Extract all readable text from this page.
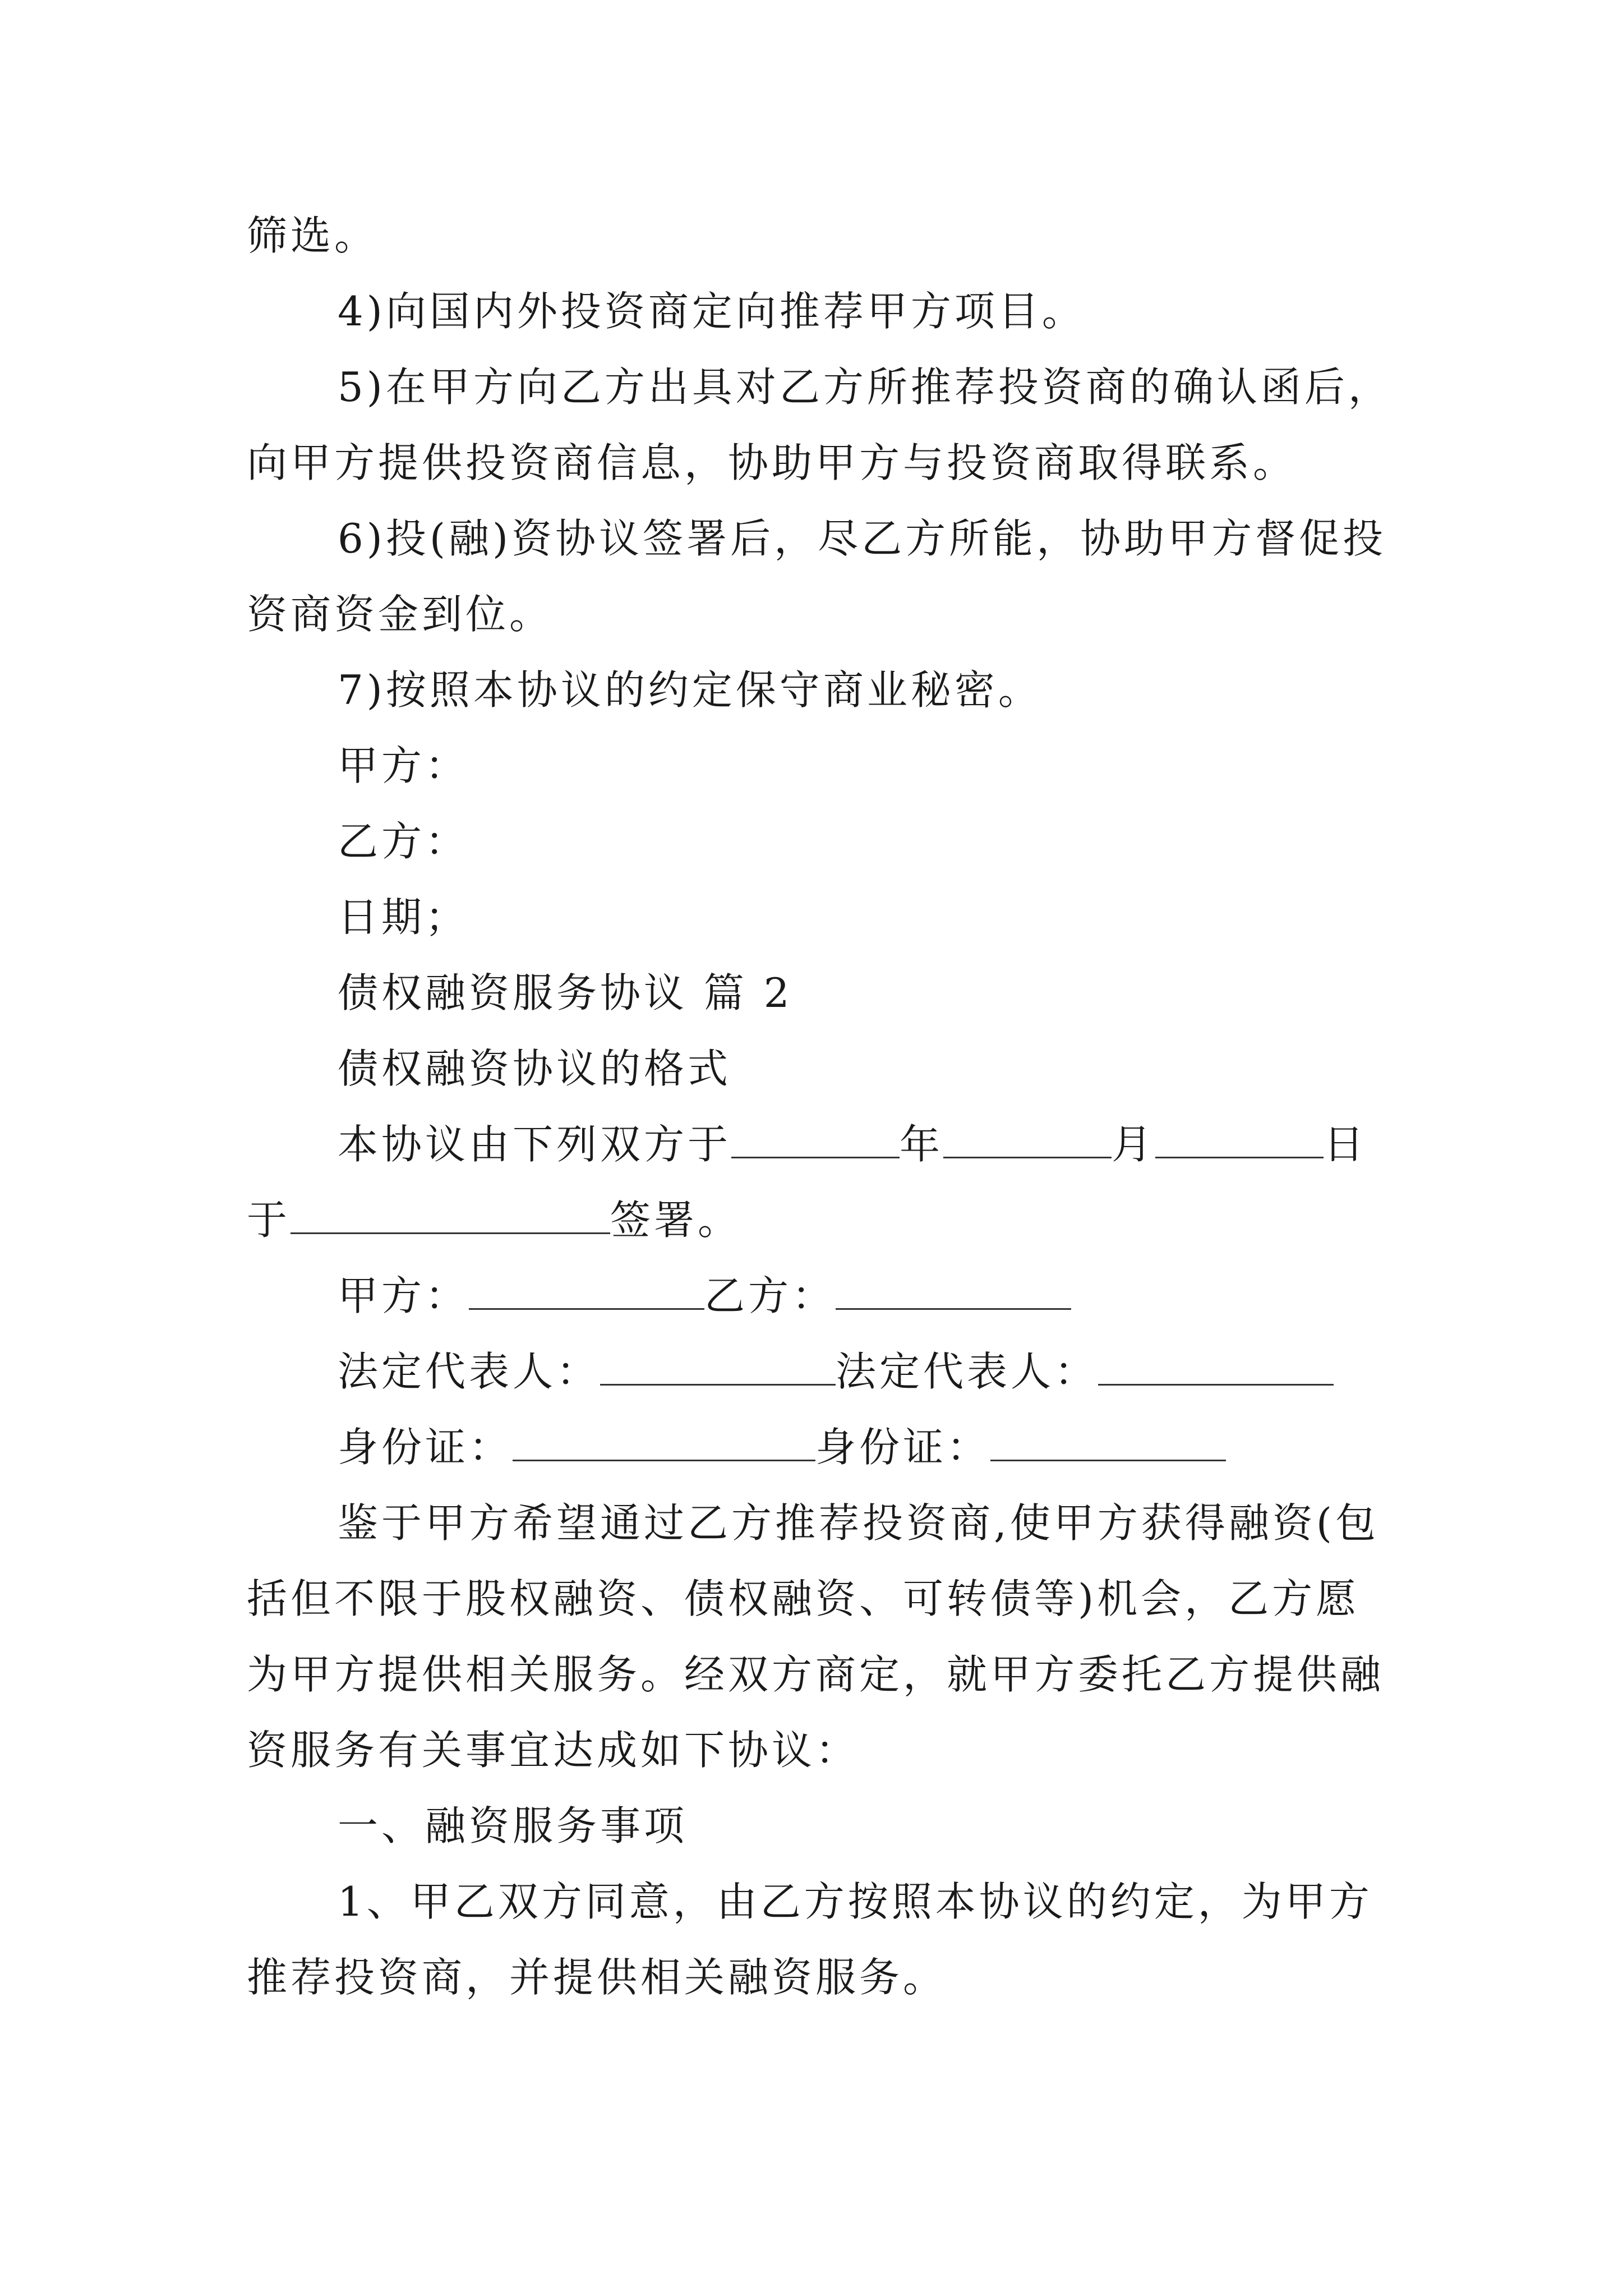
筛选。
4)向国内外投资商定向推荐甲方项目。
5)在甲方向乙方出具对乙方所推荐投资商的确认函后，
向甲方提供投资商信息，协助甲方与投资商取得联系。
6)投(融)资协议签署后，尽乙方所能，协助甲方督促投
资商资金到位。
7)按照本协议的约定保守商业秘密。
甲方：
乙方：
日期；
债权融资服务协议 篇 2
债权融资协议的格式
本协议由下列双方于	年	月	日
于	签署。
甲方：	乙方：
法定代表人：	法定代表人：
身份证：	身份证：
鉴于甲方希望通过乙方推荐投资商,使甲方获得融资(包
括但不限于股权融资、债权融资、可转债等)机会，乙方愿
为甲方提供相关服务。经双方商定，就甲方委托乙方提供融
资服务有关事宜达成如下协议：
一、融资服务事项
1、甲乙双方同意，由乙方按照本协议的约定，为甲方
推荐投资商，并提供相关融资服务。
